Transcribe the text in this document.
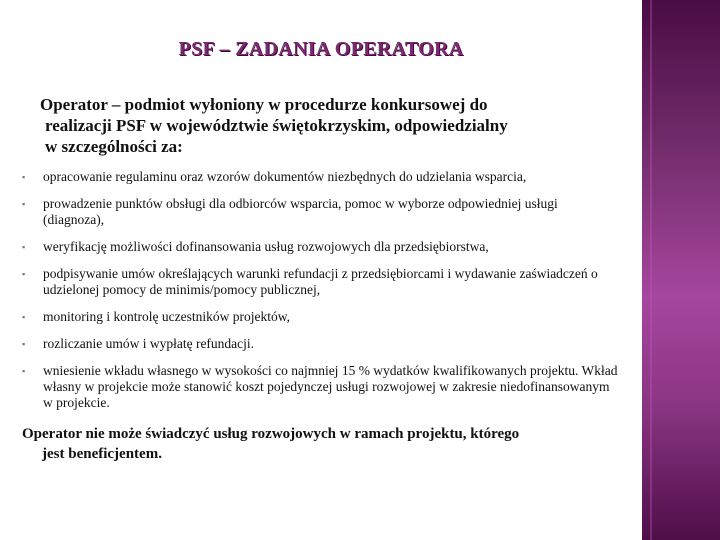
PSF – ZADANIA OPERATORA
Operator – podmiot wyłoniony w procedurze konkursowej do
realizacji PSF w województwie świętokrzyskim, odpowiedzialny
w szczególności za:
▪ opracowanie regulaminu oraz wzorów dokumentów niezbędnych do udzielania wsparcia,
▪ prowadzenie punktów obsługi dla odbiorców wsparcia, pomoc w wyborze odpowiedniej usługi (diagnoza),
▪ weryfikację możliwości dofinansowania usług rozwojowych dla przedsiębiorstwa,
▪ podpisywanie umów określających warunki refundacji z przedsiębiorcami i wydawanie zaświadczeń o udzielonej pomocy de minimis/pomocy publicznej,
▪ monitoring i kontrolę uczestników projektów,
▪ rozliczanie umów i wypłatę refundacji.
▪ wniesienie wkładu własnego w wysokości co najmniej 15 % wydatków kwalifikowanych projektu. Wkład własny w projekcie może stanowić koszt pojedynczej usługi rozwojowej w zakresie niedofinansowanym w projekcie.
Operator nie może świadczyć usług rozwojowych w ramach projektu, którego
jest beneficjentem.
